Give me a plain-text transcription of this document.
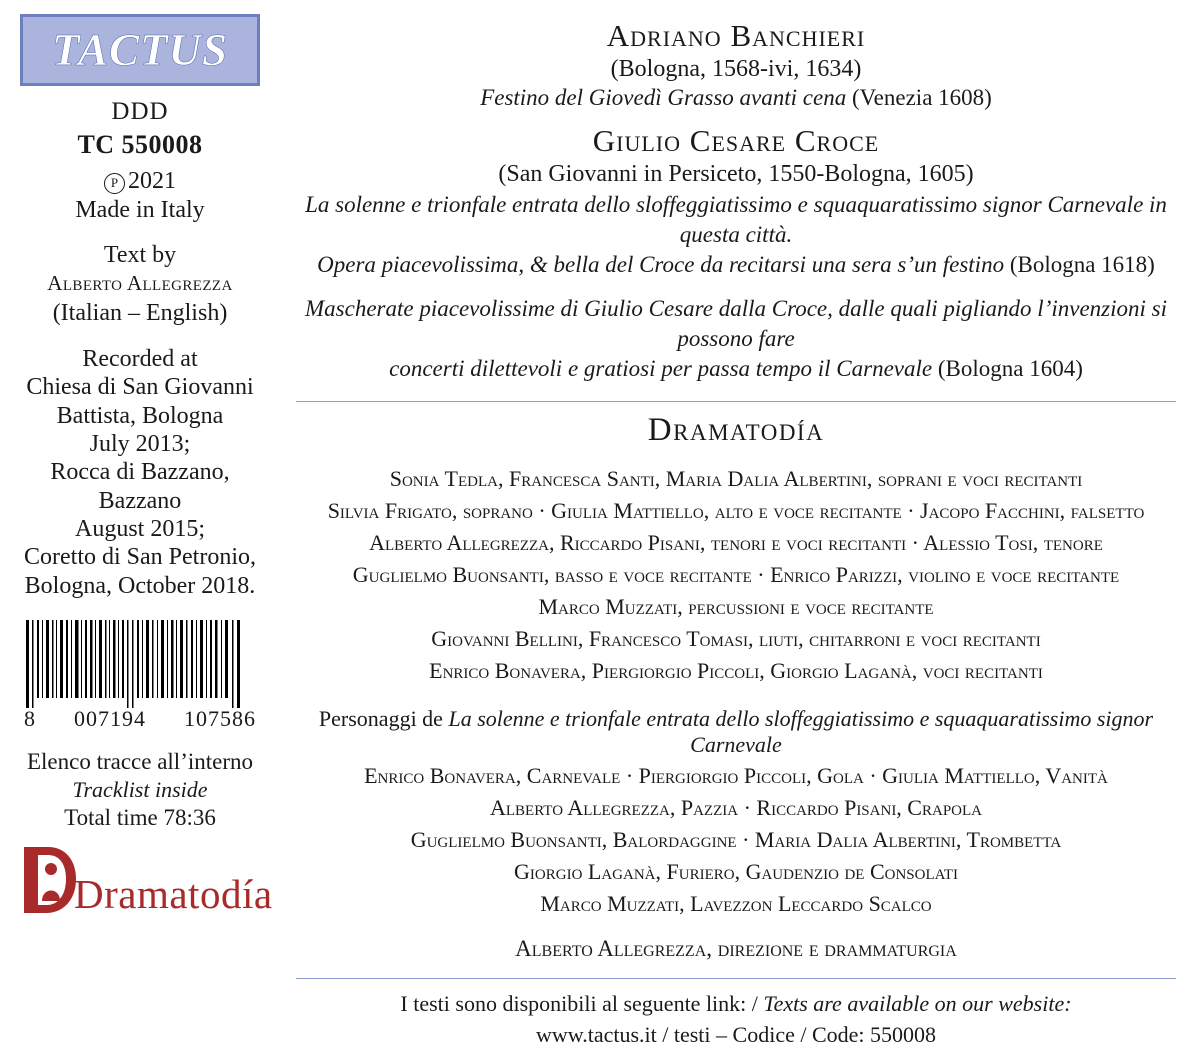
TACTUS
DDD
TC 550008
P 2021
Made in Italy
Text by
Alberto Allegrezza
(Italian – English)
Recorded at
Chiesa di San Giovanni
Battista, Bologna
July 2013;
Rocca di Bazzano,
Bazzano
August 2015;
Coretto di San Petronio,
Bologna, October 2018.
8 007194 107586
Elenco tracce all’interno
Tracklist inside
Total time 78:36
Dramatodía
Adriano Banchieri
(Bologna, 1568-ivi, 1634)
Festino del Giovedì Grasso avanti cena (Venezia 1608)
Giulio Cesare Croce
(San Giovanni in Persiceto, 1550-Bologna, 1605)
La solenne e trionfale entrata dello sloffeggiatissimo e squaquaratissimo signor Carnevale in questa città.
Opera piacevolissima, & bella del Croce da recitarsi una sera s’un festino (Bologna 1618)
Mascherate piacevolissime di Giulio Cesare dalla Croce, dalle quali pigliando l’invenzioni si possono fare
concerti dilettevoli e gratiosi per passa tempo il Carnevale (Bologna 1604)
Dramatodía
Sonia Tedla, Francesca Santi, Maria Dalia Albertini, soprani e voci recitanti
Silvia Frigato, soprano · Giulia Mattiello, alto e voce recitante · Jacopo Facchini, falsetto
Alberto Allegrezza, Riccardo Pisani, tenori e voci recitanti · Alessio Tosi, tenore
Guglielmo Buonsanti, basso e voce recitante · Enrico Parizzi, violino e voce recitante
Marco Muzzati, percussioni e voce recitante
Giovanni Bellini, Francesco Tomasi, liuti, chitarroni e voci recitanti
Enrico Bonavera, Piergiorgio Piccoli, Giorgio Laganà, voci recitanti
Personaggi de La solenne e trionfale entrata dello sloffeggiatissimo e squaquaratissimo signor Carnevale
Enrico Bonavera, Carnevale · Piergiorgio Piccoli, Gola · Giulia Mattiello, Vanità
Alberto Allegrezza, Pazzia · Riccardo Pisani, Crapola
Guglielmo Buonsanti, Balordaggine · Maria Dalia Albertini, Trombetta
Giorgio Laganà, Furiero, Gaudenzio de Consolati
Marco Muzzati, Lavezzon Leccardo Scalco
Alberto Allegrezza, direzione e drammaturgia
I testi sono disponibili al seguente link: / Texts are available on our website:
www.tactus.it / testi – Codice / Code: 550008
